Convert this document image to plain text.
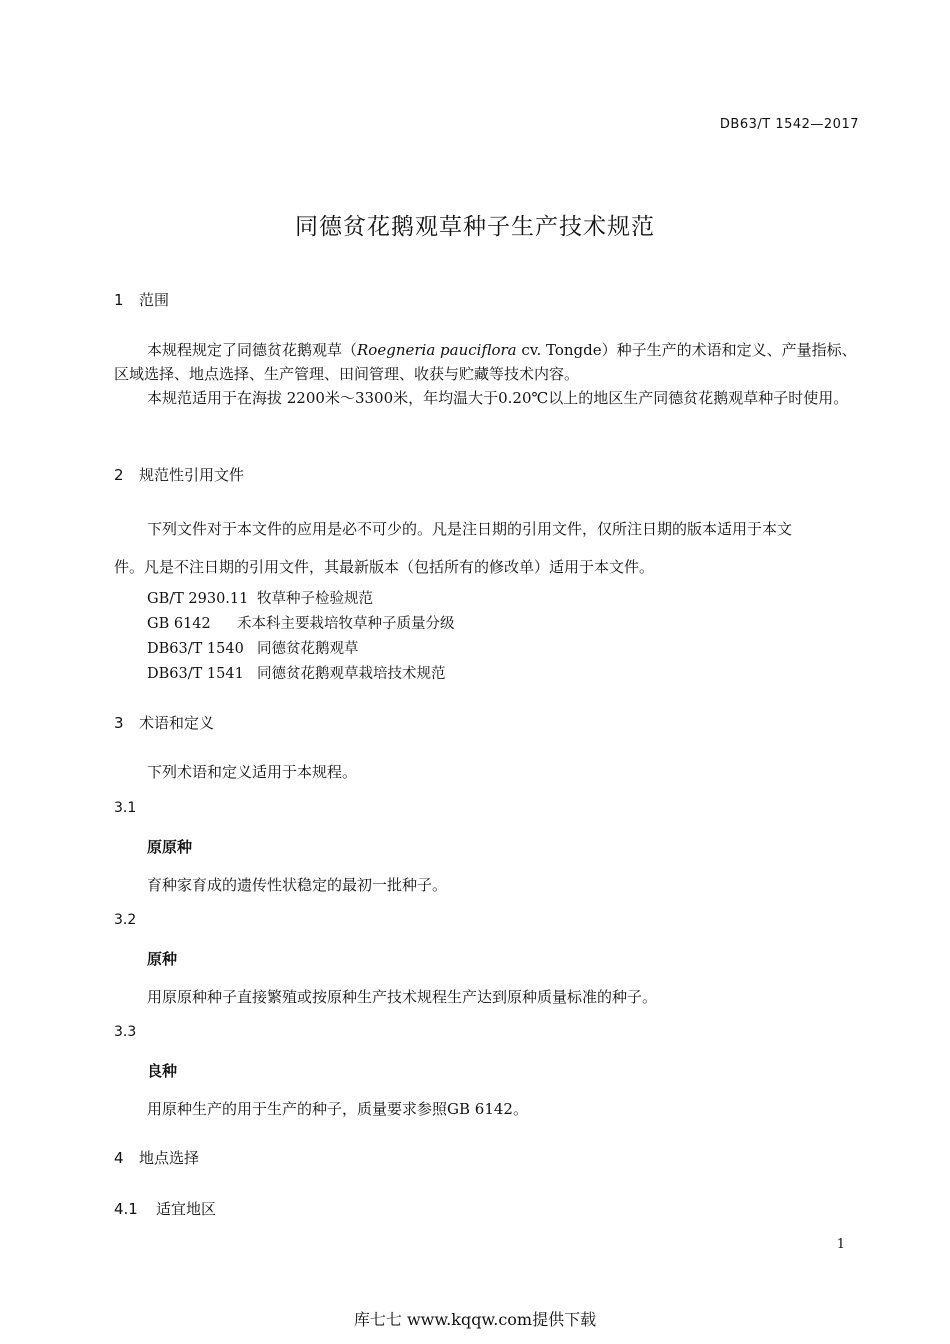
DB63/T 1542—2017
同德贫花鹅观草种子生产技术规范
1 范围
本规程规定了同德贫花鹅观草（Roegneria pauciflora cv. Tongde）种子生产的术语和定义、产量指标、区域选择、地点选择、生产管理、田间管理、收获与贮藏等技术内容。
本规范适用于在海拔 2200米～3300米，年均温大于0.20℃以上的地区生产同德贫花鹅观草种子时使用。
2 规范性引用文件
下列文件对于本文件的应用是必不可少的。凡是注日期的引用文件，仅所注日期的版本适用于本文
件。凡是不注日期的引用文件，其最新版本（包括所有的修改单）适用于本文件。
GB/T 2930.11 牧草种子检验规范
GB 6142 禾本科主要栽培牧草种子质量分级
DB63/T 1540 同德贫花鹅观草
DB63/T 1541 同德贫花鹅观草栽培技术规范
3 术语和定义
下列术语和定义适用于本规程。
3.1
原原种
育种家育成的遗传性状稳定的最初一批种子。
3.2
原种
用原原种种子直接繁殖或按原种生产技术规程生产达到原种质量标准的种子。
3.3
良种
用原种生产的用于生产的种子，质量要求参照GB 6142。
4 地点选择
4.1 适宜地区
1
库七七 www.kqqw.com提供下载
